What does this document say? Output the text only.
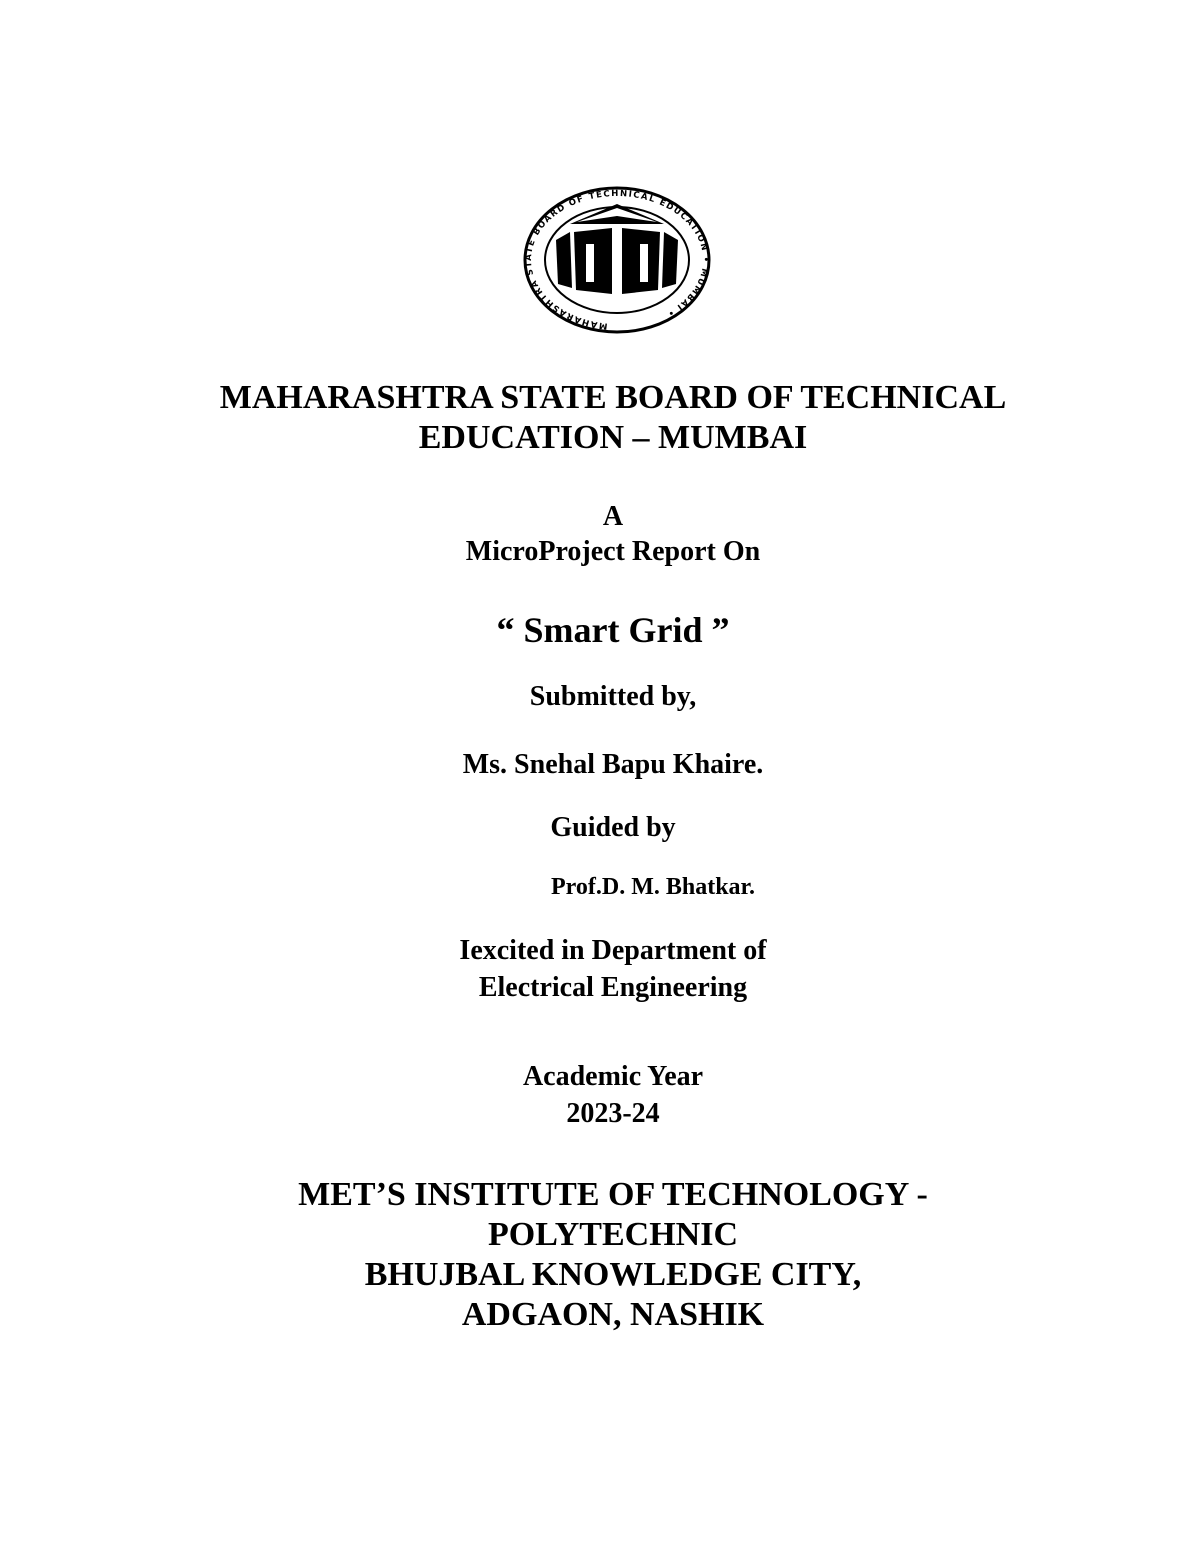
MAHARASHTRA STATE BOARD OF TECHNICAL EDUCATION • MUMBAI •
MAHARASHTRA STATE BOARD OF TECHNICAL
EDUCATION – MUMBAI
A
MicroProject Report On
“ Smart Grid ”
Submitted by,
Ms. Snehal Bapu Khaire.
Guided by
Prof.D. M. Bhatkar.
Iexcited in Department of
Electrical Engineering
Academic Year
2023-24
MET’S INSTITUTE OF TECHNOLOGY -
POLYTECHNIC
BHUJBAL KNOWLEDGE CITY,
ADGAON, NASHIK
